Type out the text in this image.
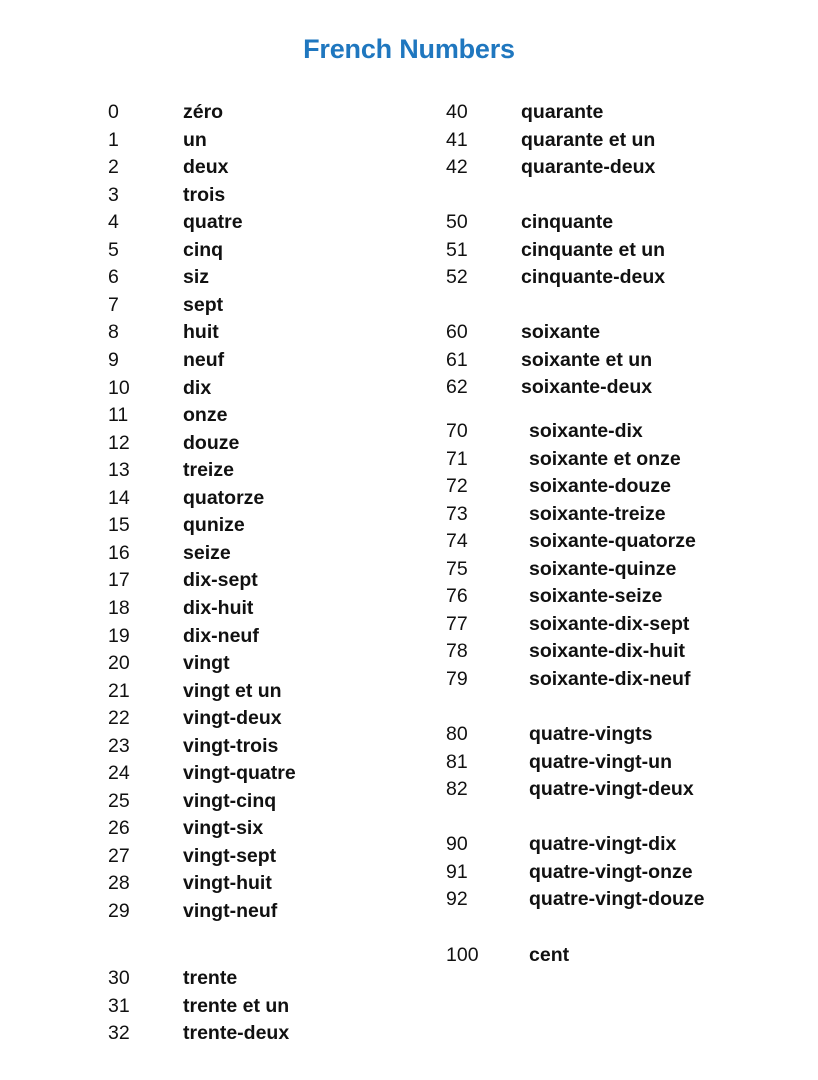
French Numbers
0	zéro
1	un
2	deux
3	trois
4	quatre
5	cinq
6	siz
7	sept
8	huit
9	neuf
10	dix
11	onze
12	douze
13	treize
14	quatorze
15	qunize
16	seize
17	dix-sept
18	dix-huit
19	dix-neuf
20	vingt
21	vingt et un
22	vingt-deux
23	vingt-trois
24	vingt-quatre
25	vingt-cinq
26	vingt-six
27	vingt-sept
28	vingt-huit
29	vingt-neuf
30	trente
31	trente et un
32	trente-deux
40	quarante
41	quarante et un
42	quarante-deux
50	cinquante
51	cinquante et un
52	cinquante-deux
60	soixante
61	soixante et un
62	soixante-deux
70	soixante-dix
71	soixante et onze
72	soixante-douze
73	soixante-treize
74	soixante-quatorze
75	soixante-quinze
76	soixante-seize
77	soixante-dix-sept
78	soixante-dix-huit
79	soixante-dix-neuf
80	quatre-vingts
81	quatre-vingt-un
82	quatre-vingt-deux
90	quatre-vingt-dix
91	quatre-vingt-onze
92	quatre-vingt-douze
100	cent
